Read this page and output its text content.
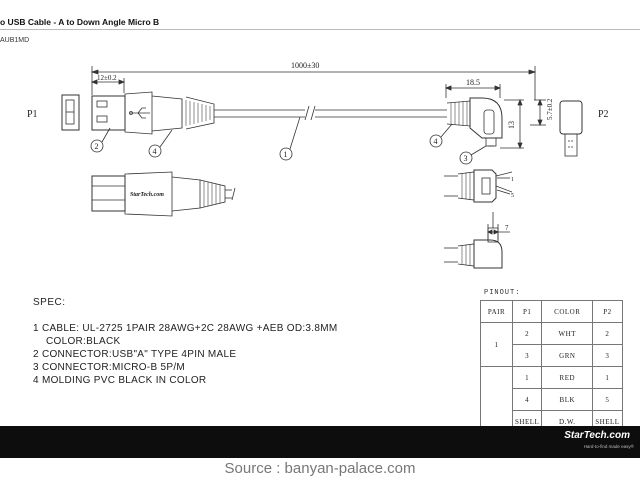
o USB Cable - A to Down Angle Micro B
AUB1MD
P1	P2
1000±30
12±0.2	18.5
13
5.7±0.2
7
StarTech.com
2
4	1
4
3
1
5
SPEC:
1 CABLE: UL-2725 1PAIR 28AWG+2C 28AWG +AEB OD:3.8MM
COLOR:BLACK
2 CONNECTOR:USB"A" TYPE 4PIN MALE
3 CONNECTOR:MICRO-B 5P/M
4 MOLDING PVC BLACK IN COLOR
PINOUT:
PAIR	P1	COLOR	P2
1	2	WHT	2
	3	GRN	3
	1	RED	1
	4	BLK	5
	SHELL	D.W.	SHELL
StarTech.com
Hard-to-find made easy®
Source : banyan-palace.com
